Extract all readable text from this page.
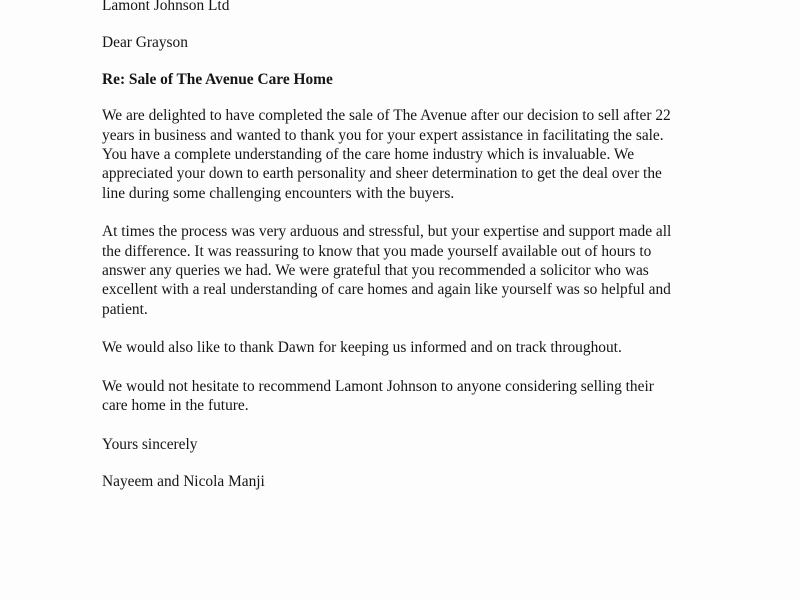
Lamont Johnson Ltd

Dear Grayson

Re: Sale of The Avenue Care Home

We are delighted to have completed the sale of The Avenue after our decision to sell after 22
years in business and wanted to thank you for your expert assistance in facilitating the sale.
You have a complete understanding of the care home industry which is invaluable. We
appreciated your down to earth personality and sheer determination to get the deal over the
line during some challenging encounters with the buyers.

At times the process was very arduous and stressful, but your expertise and support made all
the difference. It was reassuring to know that you made yourself available out of hours to
answer any queries we had. We were grateful that you recommended a solicitor who was
excellent with a real understanding of care homes and again like yourself was so helpful and
patient.

We would also like to thank Dawn for keeping us informed and on track throughout.

We would not hesitate to recommend Lamont Johnson to anyone considering selling their
care home in the future.

Yours sincerely

Nayeem and Nicola Manji
